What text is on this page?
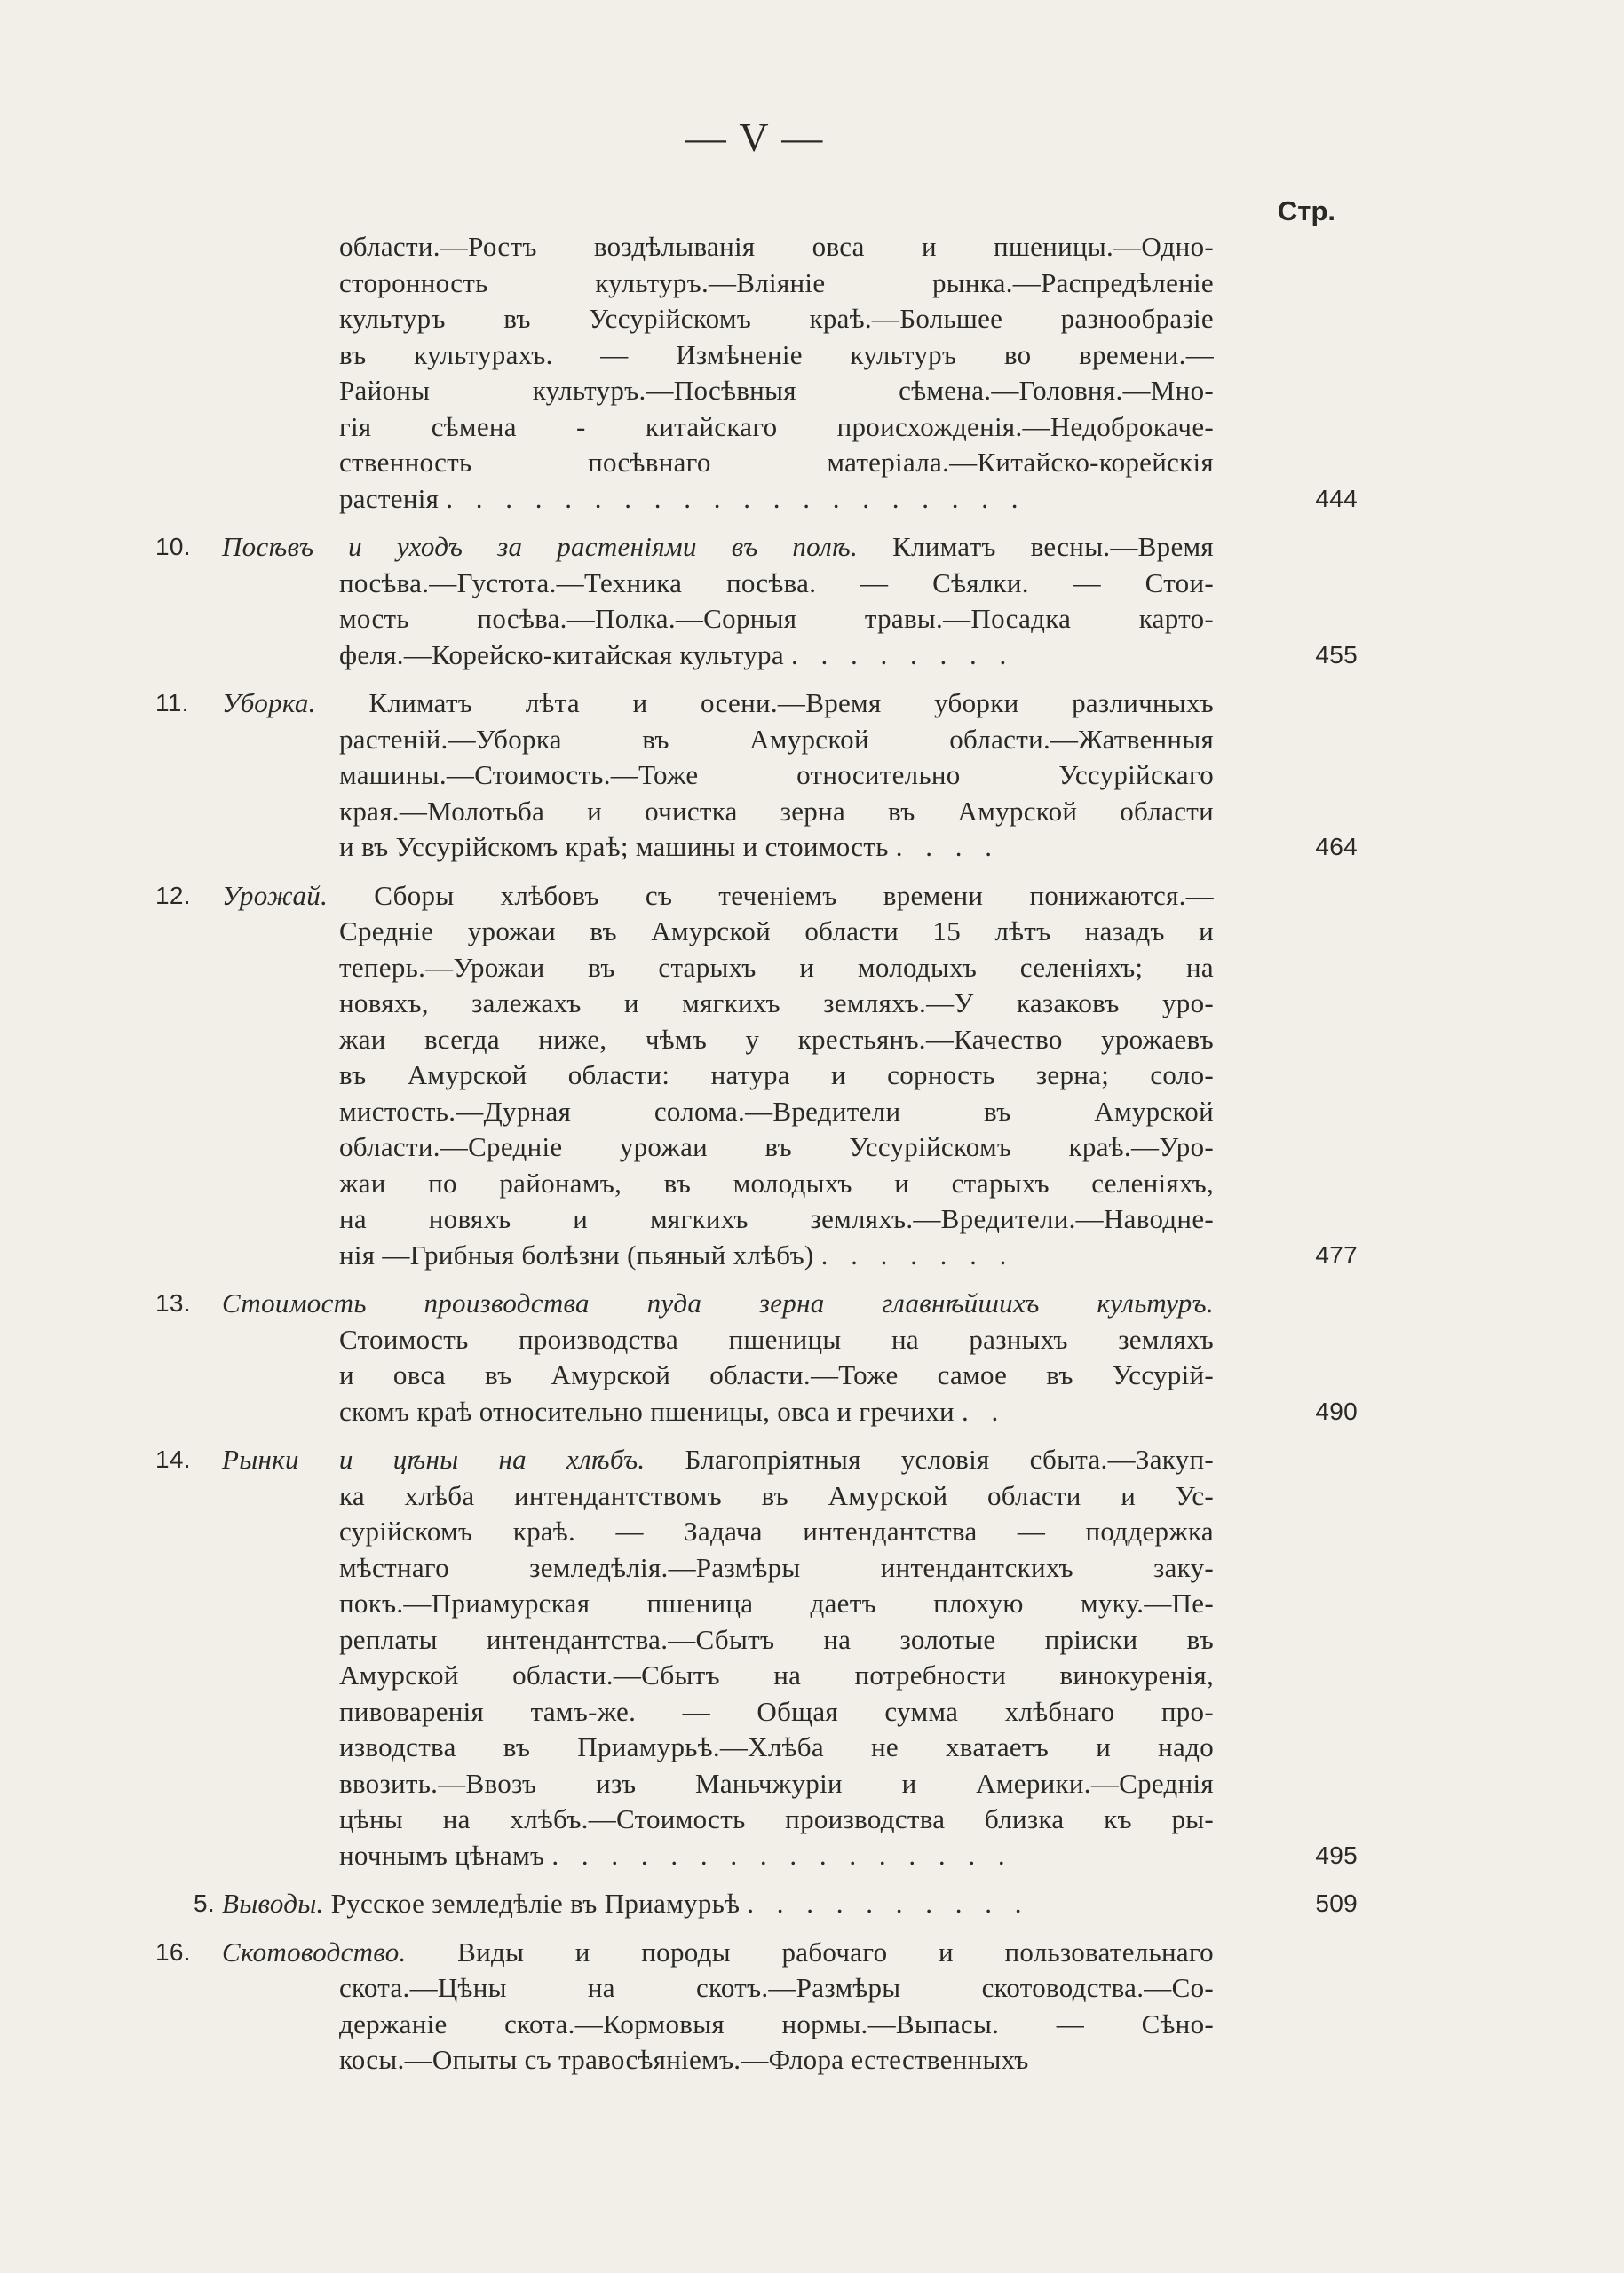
— V —
Стр.
области.—Ростъ воздѣлыванія овса и пшеницы.—Одно-
сторонность культуръ.—Вліяніе рынка.—Распредѣленіе
культуръ въ Уссурійскомъ краѣ.—Большее разнообразіе
въ культурахъ. — Измѣненіе культуръ во времени.—
Районы культуръ.—Посѣвныя сѣмена.—Головня.—Мно-
гія сѣмена - китайскаго происхожденія.—Недоброкаче-
ственность посѣвнаго матеріала.—Китайско-корейскія
растенія . . . . . . . . . . . . . . . . . . . .	444
10.	Посѣвъ и уходъ за растеніями въ полѣ. Климатъ весны.—Время
посѣва.—Густота.—Техника посѣва. — Сѣялки. — Стои-
мость посѣва.—Полка.—Сорныя травы.—Посадка карто-
феля.—Корейско-китайская культура . . . . . . . .	455
11.	Уборка. Климатъ лѣта и осени.—Время уборки различныхъ
растеній.—Уборка въ Амурской области.—Жатвенныя
машины.—Стоимость.—Тоже относительно Уссурійскаго
края.—Молотьба и очистка зерна въ Амурской области
и въ Уссурійскомъ краѣ; машины и стоимость . . . .	464
12.	Урожай. Сборы хлѣбовъ съ теченіемъ времени понижаются.—
Средніе урожаи въ Амурской области 15 лѣтъ назадъ и
теперь.—Урожаи въ старыхъ и молодыхъ селеніяхъ; на
новяхъ, залежахъ и мягкихъ земляхъ.—У казаковъ уро-
жаи всегда ниже, чѣмъ у крестьянъ.—Качество урожаевъ
въ Амурской области: натура и сорность зерна; соло-
мистость.—Дурная солома.—Вредители въ Амурской
области.—Средніе урожаи въ Уссурійскомъ краѣ.—Уро-
жаи по районамъ, въ молодыхъ и старыхъ селеніяхъ,
на новяхъ и мягкихъ земляхъ.—Вредители.—Наводне-
нія —Грибныя болѣзни (пьяный хлѣбъ) . . . . . . .	477
13.	Стоимость производства пуда зерна главнѣйшихъ культуръ.
Стоимость производства пшеницы на разныхъ земляхъ
и овса въ Амурской области.—Тоже самое въ Уссурій-
скомъ краѣ относительно пшеницы, овса и гречихи . .	490
14.	Рынки и цѣны на хлѣбъ. Благопріятныя условія сбыта.—Закуп-
ка хлѣба интендантствомъ въ Амурской области и Ус-
сурійскомъ краѣ. — Задача интендантства — поддержка
мѣстнаго земледѣлія.—Размѣры интендантскихъ заку-
покъ.—Приамурская пшеница даетъ плохую муку.—Пе-
реплаты интендантства.—Сбытъ на золотые пріиски въ
Амурской области.—Сбытъ на потребности винокуренія,
пивоваренія тамъ-же. — Общая сумма хлѣбнаго про-
изводства въ Приамурьѣ.—Хлѣба не хватаетъ и надо
ввозить.—Ввозъ изъ Маньчжуріи и Америки.—Среднія
цѣны на хлѣбъ.—Стоимость производства близка къ ры-
ночнымъ цѣнамъ . . . . . . . . . . . . . . . .	495
5. Выводы. Русское земледѣліе въ Приамурьѣ . . . . . . . . . .	509
16.	Скотоводство. Виды и породы рабочаго и пользовательнаго
скота.—Цѣны на скотъ.—Размѣры скотоводства.—Со-
держаніе скота.—Кормовыя нормы.—Выпасы. — Сѣно-
косы.—Опыты съ травосѣяніемъ.—Флора естественныхъ
